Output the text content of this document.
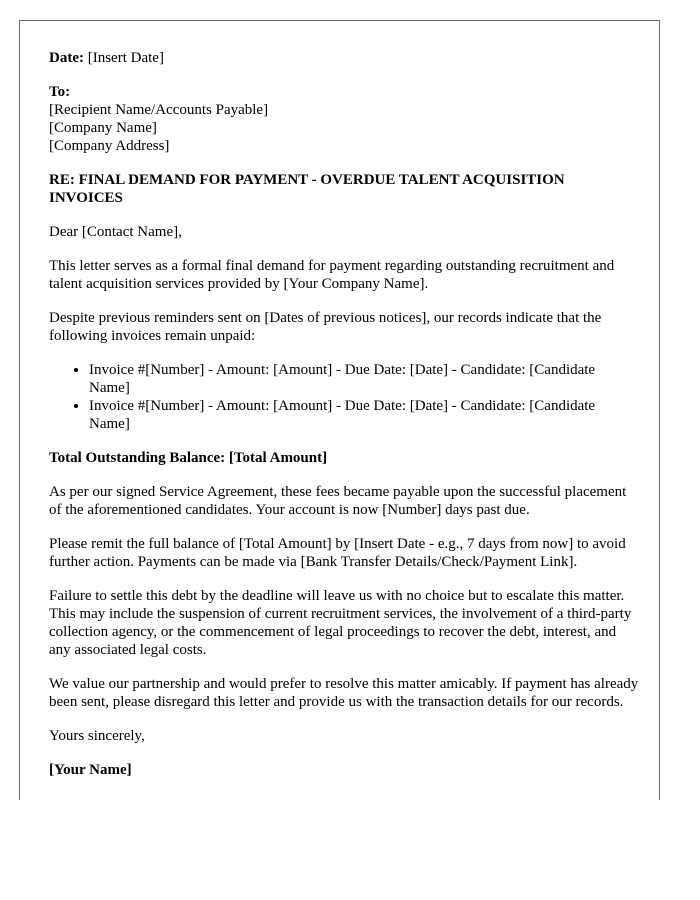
Date: [Insert Date]

To:
[Recipient Name/Accounts Payable]
[Company Name]
[Company Address]

RE: FINAL DEMAND FOR PAYMENT - OVERDUE TALENT ACQUISITION INVOICES

Dear [Contact Name],

This letter serves as a formal final demand for payment regarding outstanding recruitment and talent acquisition services provided by [Your Company Name].

Despite previous reminders sent on [Dates of previous notices], our records indicate that the following invoices remain unpaid:

• Invoice #[Number] - Amount: [Amount] - Due Date: [Date] - Candidate: [Candidate Name]
• Invoice #[Number] - Amount: [Amount] - Due Date: [Date] - Candidate: [Candidate Name]

Total Outstanding Balance: [Total Amount]

As per our signed Service Agreement, these fees became payable upon the successful placement of the aforementioned candidates. Your account is now [Number] days past due.

Please remit the full balance of [Total Amount] by [Insert Date - e.g., 7 days from now] to avoid further action. Payments can be made via [Bank Transfer Details/Check/Payment Link].

Failure to settle this debt by the deadline will leave us with no choice but to escalate this matter. This may include the suspension of current recruitment services, the involvement of a third-party collection agency, or the commencement of legal proceedings to recover the debt, interest, and any associated legal costs.

We value our partnership and would prefer to resolve this matter amicably. If payment has already been sent, please disregard this letter and provide us with the transaction details for our records.

Yours sincerely,

[Your Name]
